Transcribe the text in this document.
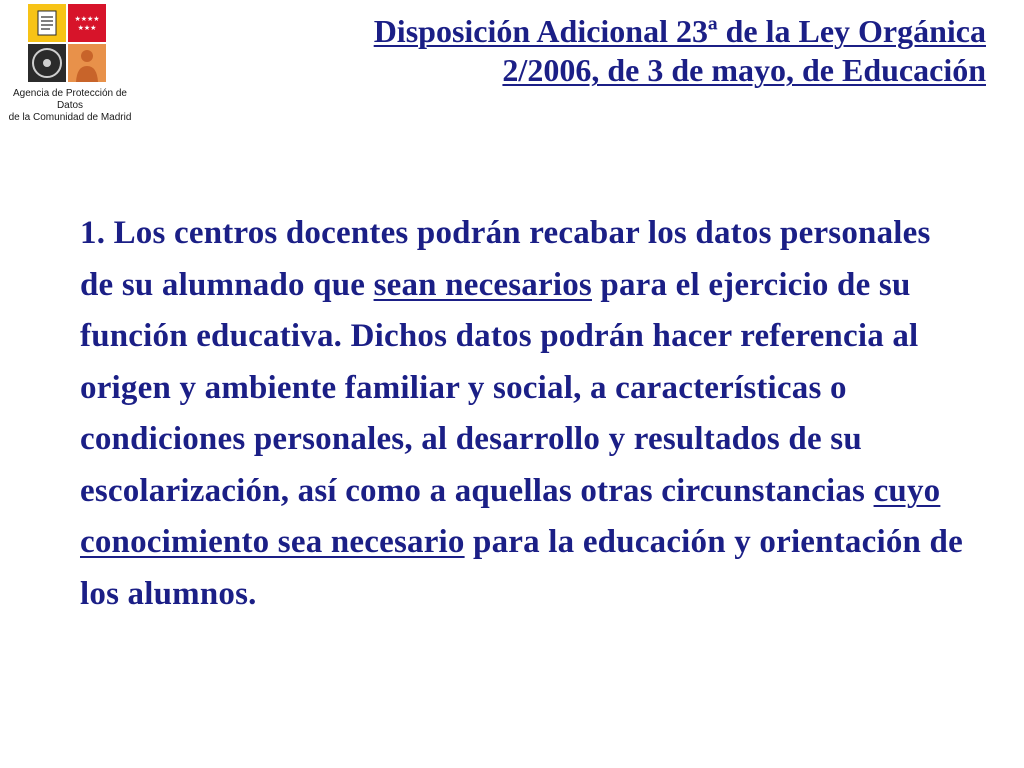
★★★★
★★★
Agencia de Protección de Datos
de la Comunidad de Madrid
Disposición Adicional 23ª de la Ley Orgánica
2/2006, de 3 de mayo, de Educación
1. Los centros docentes podrán recabar los datos personales de su alumnado que sean necesarios para el ejercicio de su función educativa. Dichos datos podrán hacer referencia al origen y ambiente familiar y social, a características o condiciones personales, al desarrollo y resultados de su escolarización, así como a aquellas otras circunstancias cuyo conocimiento sea necesario para la educación y orientación de los alumnos.
